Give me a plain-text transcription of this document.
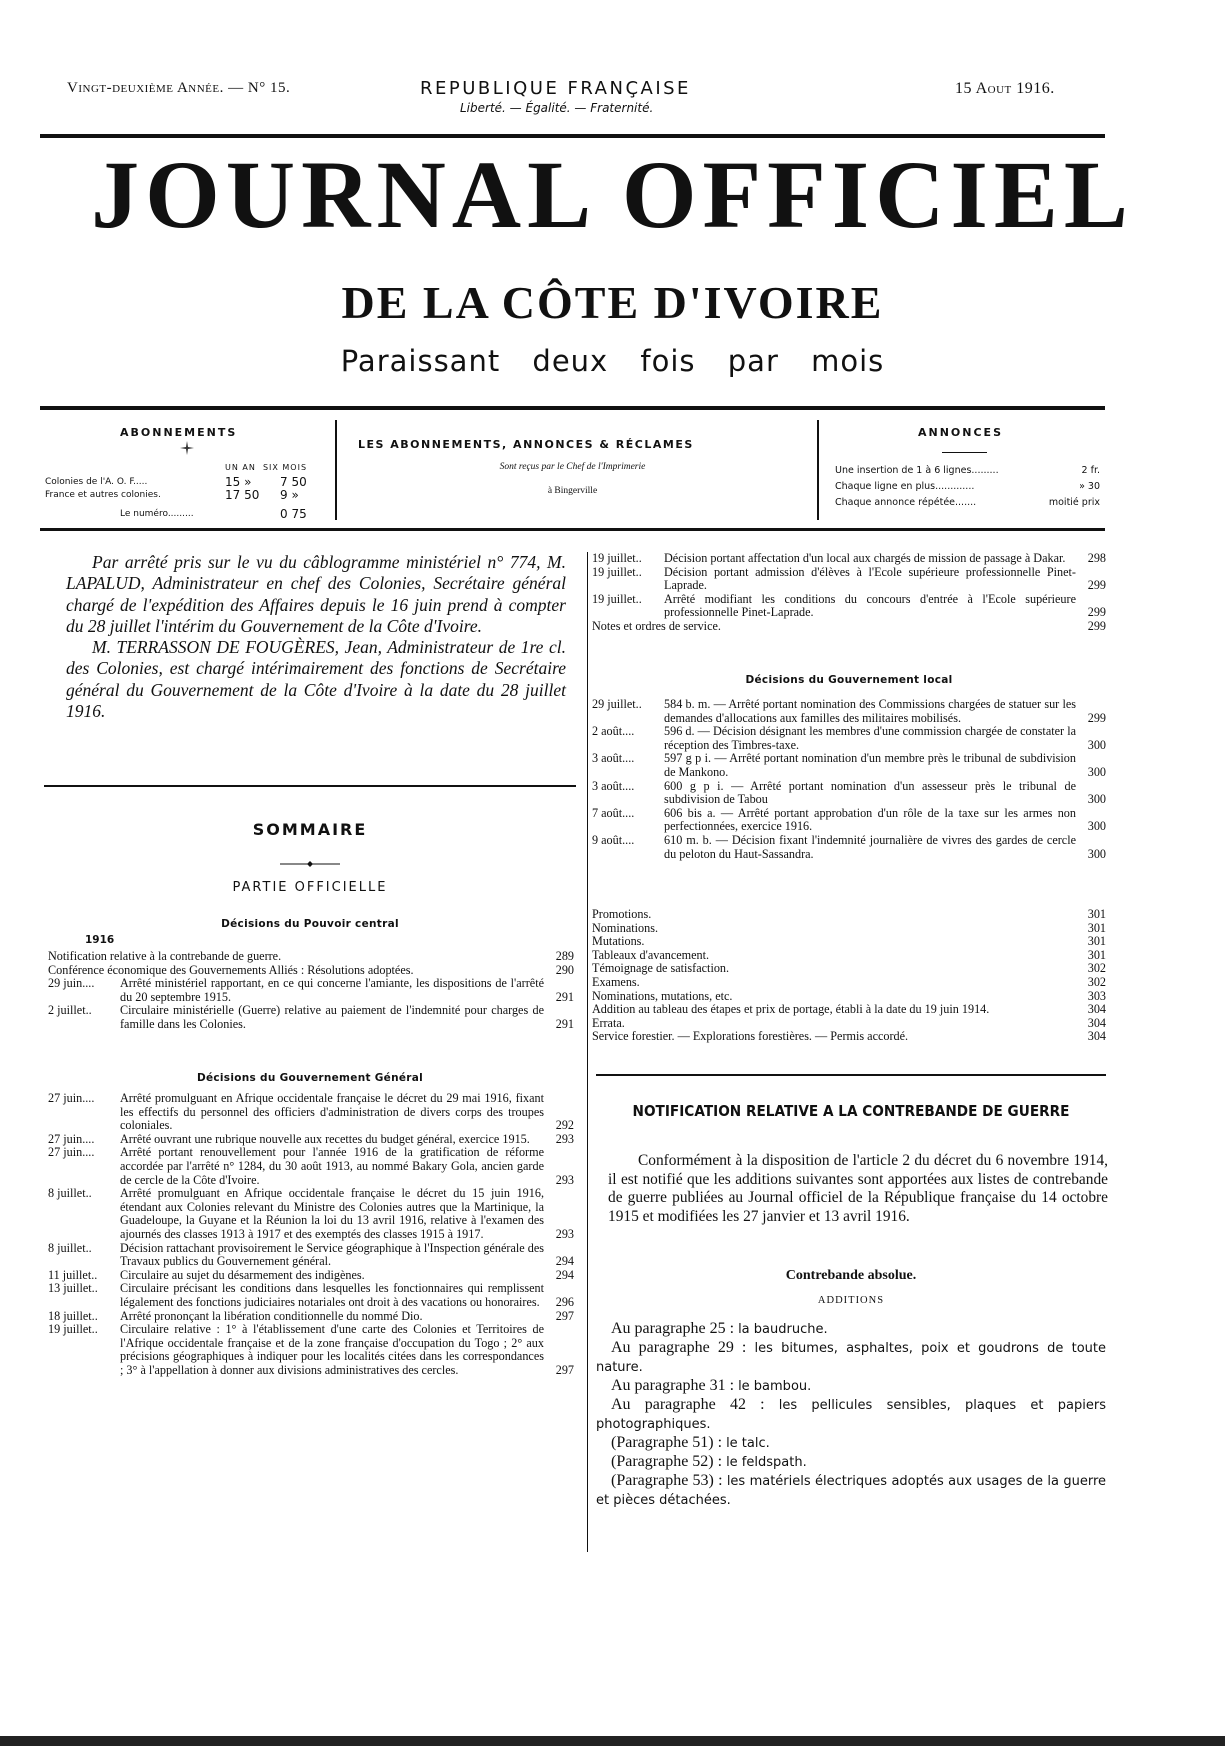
Vingt-deuxième Année. — N° 15.	REPUBLIQUE FRANÇAISE
Liberté. — Égalité. — Fraternité.
15 Aout 1916.
JOURNAL OFFICIEL
DE LA CÔTE D'IVOIRE
Paraissant deux fois par mois
ABONNEMENTS
UN AN SIX MOIS
Colonies de l'A. O. F.....	15 »	7 50
France et autres colonies.	17 50	9 »
Le numéro.........	0 75
LES ABONNEMENTS, ANNONCES & RÉCLAMES
Sont reçus par le Chef de l'Imprimerie
à Bingerville
ANNONCES
Une insertion de 1 à 6 lignes.........	2 fr.
Chaque ligne en plus.............	» 30
Chaque annonce répétée.......	moitié prix

Par arrêté pris sur le vu du câblogramme ministériel n° 774, M. LAPALUD, Administrateur en chef des Colonies, Secrétaire général chargé de l'expédition des Affaires depuis le 16 juin prend à compter du 28 juillet l'intérim du Gouvernement de la Côte d'Ivoire.

M. TERRASSON DE FOUGÈRES, Jean, Administrateur de 1re cl. des Colonies, est chargé intérimairement des fonctions de Secrétaire général du Gouvernement de la Côte d'Ivoire à la date du 28 juillet 1916.

SOMMAIRE
PARTIE OFFICIELLE
Décisions du Pouvoir central
1916
Notification relative à la contrebande de guerre.	289
Conférence économique des Gouvernements Alliés : Résolutions adoptées.	290
29 juin....	Arrêté ministériel rapportant, en ce qui concerne l'amiante, les dispositions de l'arrêté du 20 septembre 1915.	291
2 juillet..	Circulaire ministérielle (Guerre) relative au paiement de l'indemnité pour charges de famille dans les Colonies.	291
Décisions du Gouvernement Général
27 juin....	Arrêté promulguant en Afrique occidentale française le décret du 29 mai 1916, fixant les effectifs du personnel des officiers d'administration de divers corps des troupes coloniales.	292
27 juin....	Arrêté ouvrant une rubrique nouvelle aux recettes du budget général, exercice 1915.	293
27 juin....	Arrêté portant renouvellement pour l'année 1916 de la gratification de réforme accordée par l'arrêté n° 1284, du 30 août 1913, au nommé Bakary Gola, ancien garde de cercle de la Côte d'Ivoire.	293
8 juillet..	Arrêté promulguant en Afrique occidentale française le décret du 15 juin 1916, étendant aux Colonies relevant du Ministre des Colonies autres que la Martinique, la Guadeloupe, la Guyane et la Réunion la loi du 13 avril 1916, relative à l'examen des ajournés des classes 1913 à 1917 et des exemptés des classes 1915 à 1917.	293
8 juillet..	Décision rattachant provisoirement le Service géographique à l'Inspection générale des Travaux publics du Gouvernement général.	294
11 juillet..	Circulaire au sujet du désarmement des indigènes.	294
13 juillet..	Circulaire précisant les conditions dans lesquelles les fonctionnaires qui remplissent légalement des fonctions judiciaires notariales ont droit à des vacations ou honoraires.	296
18 juillet..	Arrêté prononçant la libération conditionnelle du nommé Dio.	297
19 juillet..	Circulaire relative : 1° à l'établissement d'une carte des Colonies et Territoires de l'Afrique occidentale française et de la zone française d'occupation du Togo ; 2° aux précisions géographiques à indiquer pour les localités citées dans les correspondances ; 3° à l'appellation à donner aux divisions administratives des cercles.	297
19 juillet..	Décision portant affectation d'un local aux chargés de mission de passage à Dakar.	298
19 juillet..	Décision portant admission d'élèves à l'Ecole supérieure professionnelle Pinet-Laprade.	299
19 juillet..	Arrêté modifiant les conditions du concours d'entrée à l'Ecole supérieure professionnelle Pinet-Laprade.	299
Notes et ordres de service.	299
Décisions du Gouvernement local
29 juillet..	584 b. m. — Arrêté portant nomination des Commissions chargées de statuer sur les demandes d'allocations aux familles des militaires mobilisés.	299
2 août....	596 d. — Décision désignant les membres d'une commission chargée de constater la réception des Timbres-taxe.	300
3 août....	597 g p i. — Arrêté portant nomination d'un membre près le tribunal de subdivision de Mankono.	300
3 août....	600 g p i. — Arrêté portant nomination d'un assesseur près le tribunal de subdivision de Tabou	300
7 août....	606 bis a. — Arrêté portant approbation d'un rôle de la taxe sur les armes non perfectionnées, exercice 1916.	300
9 août....	610 m. b. — Décision fixant l'indemnité journalière de vivres des gardes de cercle du peloton du Haut-Sassandra.	300
Promotions.	301
Nominations.	301
Mutations.	301
Tableaux d'avancement.	301
Témoignage de satisfaction.	302
Examens.	302
Nominations, mutations, etc.	303
Addition au tableau des étapes et prix de portage, établi à la date du 19 juin 1914.	304
Errata.	304
Service forestier. — Explorations forestières. — Permis accordé.	304
NOTIFICATION RELATIVE A LA CONTREBANDE DE GUERRE

Conformément à la disposition de l'article 2 du décret du 6 novembre 1914, il est notifié que les additions suivantes sont apportées aux listes de contrebande de guerre publiées au Journal officiel de la République française du 14 octobre 1915 et modifiées les 27 janvier et 13 avril 1916.

Contrebande absolue.
ADDITIONS
Au paragraphe 25 : la baudruche.
Au paragraphe 29 : les bitumes, asphaltes, poix et goudrons de toute nature.
Au paragraphe 31 : le bambou.
Au paragraphe 42 : les pellicules sensibles, plaques et papiers photographiques.
(Paragraphe 51) : le talc.
(Paragraphe 52) : le feldspath.
(Paragraphe 53) : les matériels électriques adoptés aux usages de la guerre et pièces détachées.
